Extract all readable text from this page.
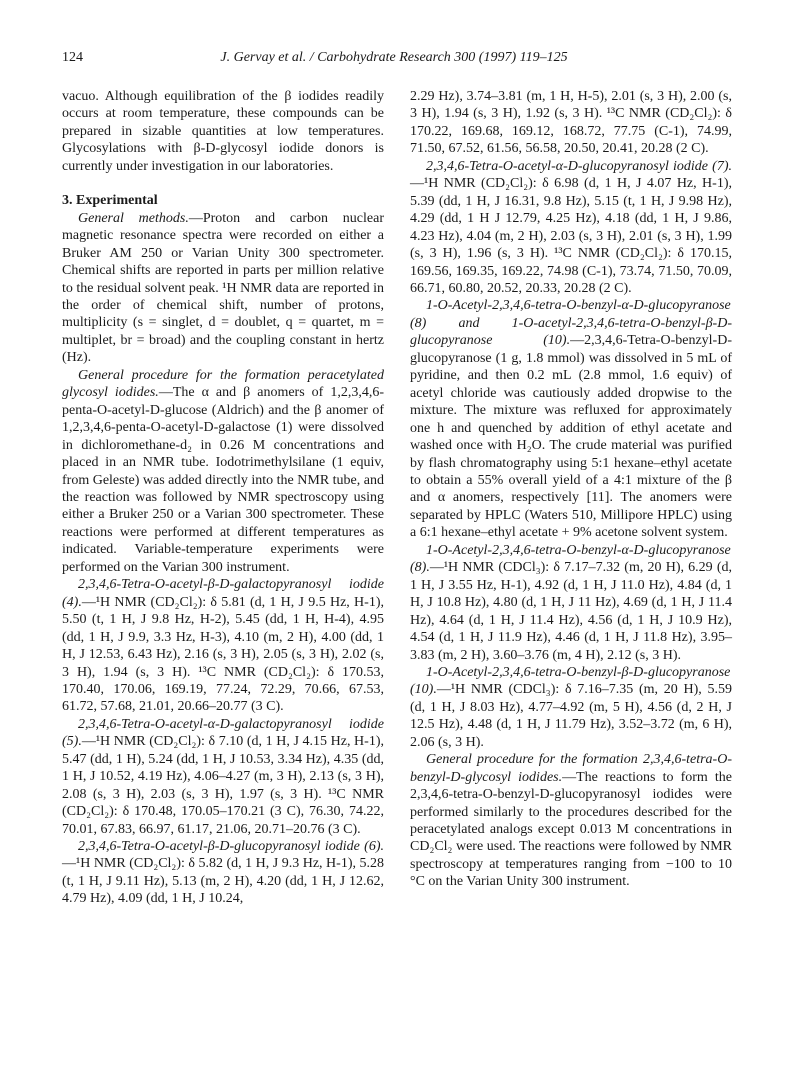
124	J. Gervay et al. / Carbohydrate Research 300 (1997) 119–125

vacuo. Although equilibration of the β iodides readily occurs at room temperature, these compounds can be prepared in sizable quantities at low temperatures. Glycosylations with β-D-glycosyl iodide donors is currently under investigation in our laboratories.

3. Experimental

General methods.—Proton and carbon nuclear magnetic resonance spectra were recorded on either a Bruker AM 250 or Varian Unity 300 spectrometer. Chemical shifts are reported in parts per million relative to the residual solvent peak. ¹H NMR data are reported in the order of chemical shift, number of protons, multiplicity (s = singlet, d = doublet, q = quartet, m = multiplet, br = broad) and the coupling constant in hertz (Hz).

General procedure for the formation peracetylated glycosyl iodides.—The α and β anomers of 1,2,3,4,6-penta-O-acetyl-D-glucose (Aldrich) and the β anomer of 1,2,3,4,6-penta-O-acetyl-D-galactose (1) were dissolved in dichloromethane-d₂ in 0.26 M concentrations and placed in an NMR tube. Iodotrimethylsilane (1 equiv, from Geleste) was added directly into the NMR tube, and the reaction was followed by NMR spectroscopy using either a Bruker 250 or a Varian 300 spectrometer. These reactions were performed at different temperatures as indicated. Variable-temperature experiments were performed on the Varian 300 instrument.

2,3,4,6-Tetra-O-acetyl-β-D-galactopyranosyl iodide (4).—¹H NMR (CD₂Cl₂): δ 5.81 (d, 1 H, J 9.5 Hz, H-1), 5.50 (t, 1 H, J 9.8 Hz, H-2), 5.45 (dd, 1 H, H-4), 4.95 (dd, 1 H, J 9.9, 3.3 Hz, H-3), 4.10 (m, 2 H), 4.00 (dd, 1 H, J 12.53, 6.43 Hz), 2.16 (s, 3 H), 2.05 (s, 3 H), 2.02 (s, 3 H), 1.94 (s, 3 H). ¹³C NMR (CD₂Cl₂): δ 170.53, 170.40, 170.06, 169.19, 77.24, 72.29, 70.66, 67.53, 61.72, 57.68, 21.01, 20.66–20.77 (3 C).

2,3,4,6-Tetra-O-acetyl-α-D-galactopyranosyl iodide (5).—¹H NMR (CD₂Cl₂): δ 7.10 (d, 1 H, J 4.15 Hz, H-1), 5.47 (dd, 1 H), 5.24 (dd, 1 H, J 10.53, 3.34 Hz), 4.35 (dd, 1 H, J 10.52, 4.19 Hz), 4.06–4.27 (m, 3 H), 2.13 (s, 3 H), 2.08 (s, 3 H), 2.03 (s, 3 H), 1.97 (s, 3 H). ¹³C NMR (CD₂Cl₂): δ 170.48, 170.05–170.21 (3 C), 76.30, 74.22, 70.01, 67.83, 66.97, 61.17, 21.06, 20.71–20.76 (3 C).

2,3,4,6-Tetra-O-acetyl-β-D-glucopyranosyl iodide (6).—¹H NMR (CD₂Cl₂): δ 5.82 (d, 1 H, J 9.3 Hz, H-1), 5.28 (t, 1 H, J 9.11 Hz), 5.13 (m, 2 H), 4.20 (dd, 1 H, J 12.62, 4.79 Hz), 4.09 (dd, 1 H, J 10.24,

2.29 Hz), 3.74–3.81 (m, 1 H, H-5), 2.01 (s, 3 H), 2.00 (s, 3 H), 1.94 (s, 3 H), 1.92 (s, 3 H). ¹³C NMR (CD₂Cl₂): δ 170.22, 169.68, 169.12, 168.72, 77.75 (C-1), 74.99, 71.50, 67.52, 61.56, 56.58, 20.50, 20.41, 20.28 (2 C).

2,3,4,6-Tetra-O-acetyl-α-D-glucopyranosyl iodide (7).—¹H NMR (CD₂Cl₂): δ 6.98 (d, 1 H, J 4.07 Hz, H-1), 5.39 (dd, 1 H, J 16.31, 9.8 Hz), 5.15 (t, 1 H, J 9.98 Hz), 4.29 (dd, 1 H J 12.79, 4.25 Hz), 4.18 (dd, 1 H, J 9.86, 4.23 Hz), 4.04 (m, 2 H), 2.03 (s, 3 H), 2.01 (s, 3 H), 1.99 (s, 3 H), 1.96 (s, 3 H). ¹³C NMR (CD₂Cl₂): δ 170.15, 169.56, 169.35, 169.22, 74.98 (C-1), 73.74, 71.50, 70.09, 66.71, 60.80, 20.52, 20.33, 20.28 (2 C).

1-O-Acetyl-2,3,4,6-tetra-O-benzyl-α-D-glucopyranose (8) and 1-O-acetyl-2,3,4,6-tetra-O-benzyl-β-D-glucopyranose (10).—2,3,4,6-Tetra-O-benzyl-D-glucopyranose (1 g, 1.8 mmol) was dissolved in 5 mL of pyridine, and then 0.2 mL (2.8 mmol, 1.6 equiv) of acetyl chloride was cautiously added dropwise to the mixture. The mixture was refluxed for approximately one h and quenched by addition of ethyl acetate and washed once with H₂O. The crude material was purified by flash chromatography using 5:1 hexane–ethyl acetate to obtain a 55% overall yield of a 4:1 mixture of the β and α anomers, respectively [11]. The anomers were separated by HPLC (Waters 510, Millipore HPLC) using a 6:1 hexane–ethyl acetate + 9% acetone solvent system.

1-O-Acetyl-2,3,4,6-tetra-O-benzyl-α-D-glucopyranose (8).—¹H NMR (CDCl₃): δ 7.17–7.32 (m, 20 H), 6.29 (d, 1 H, J 3.55 Hz, H-1), 4.92 (d, 1 H, J 11.0 Hz), 4.84 (d, 1 H, J 10.8 Hz), 4.80 (d, 1 H, J 11 Hz), 4.69 (d, 1 H, J 11.4 Hz), 4.64 (d, 1 H, J 11.4 Hz), 4.56 (d, 1 H, J 10.9 Hz), 4.54 (d, 1 H, J 11.9 Hz), 4.46 (d, 1 H, J 11.8 Hz), 3.95–3.83 (m, 2 H), 3.60–3.76 (m, 4 H), 2.12 (s, 3 H).

1-O-Acetyl-2,3,4,6-tetra-O-benzyl-β-D-glucopyranose (10).—¹H NMR (CDCl₃): δ 7.16–7.35 (m, 20 H), 5.59 (d, 1 H, J 8.03 Hz), 4.77–4.92 (m, 5 H), 4.56 (d, 2 H, J 12.5 Hz), 4.48 (d, 1 H, J 11.79 Hz), 3.52–3.72 (m, 6 H), 2.06 (s, 3 H).

General procedure for the formation 2,3,4,6-tetra-O-benzyl-D-glycosyl iodides.—The reactions to form the 2,3,4,6-tetra-O-benzyl-D-glucopyranosyl iodides were performed similarly to the procedures described for the peracetylated analogs except 0.013 M concentrations in CD₂Cl₂ were used. The reactions were followed by NMR spectroscopy at temperatures ranging from −100 to 10 °C on the Varian Unity 300 instrument.
